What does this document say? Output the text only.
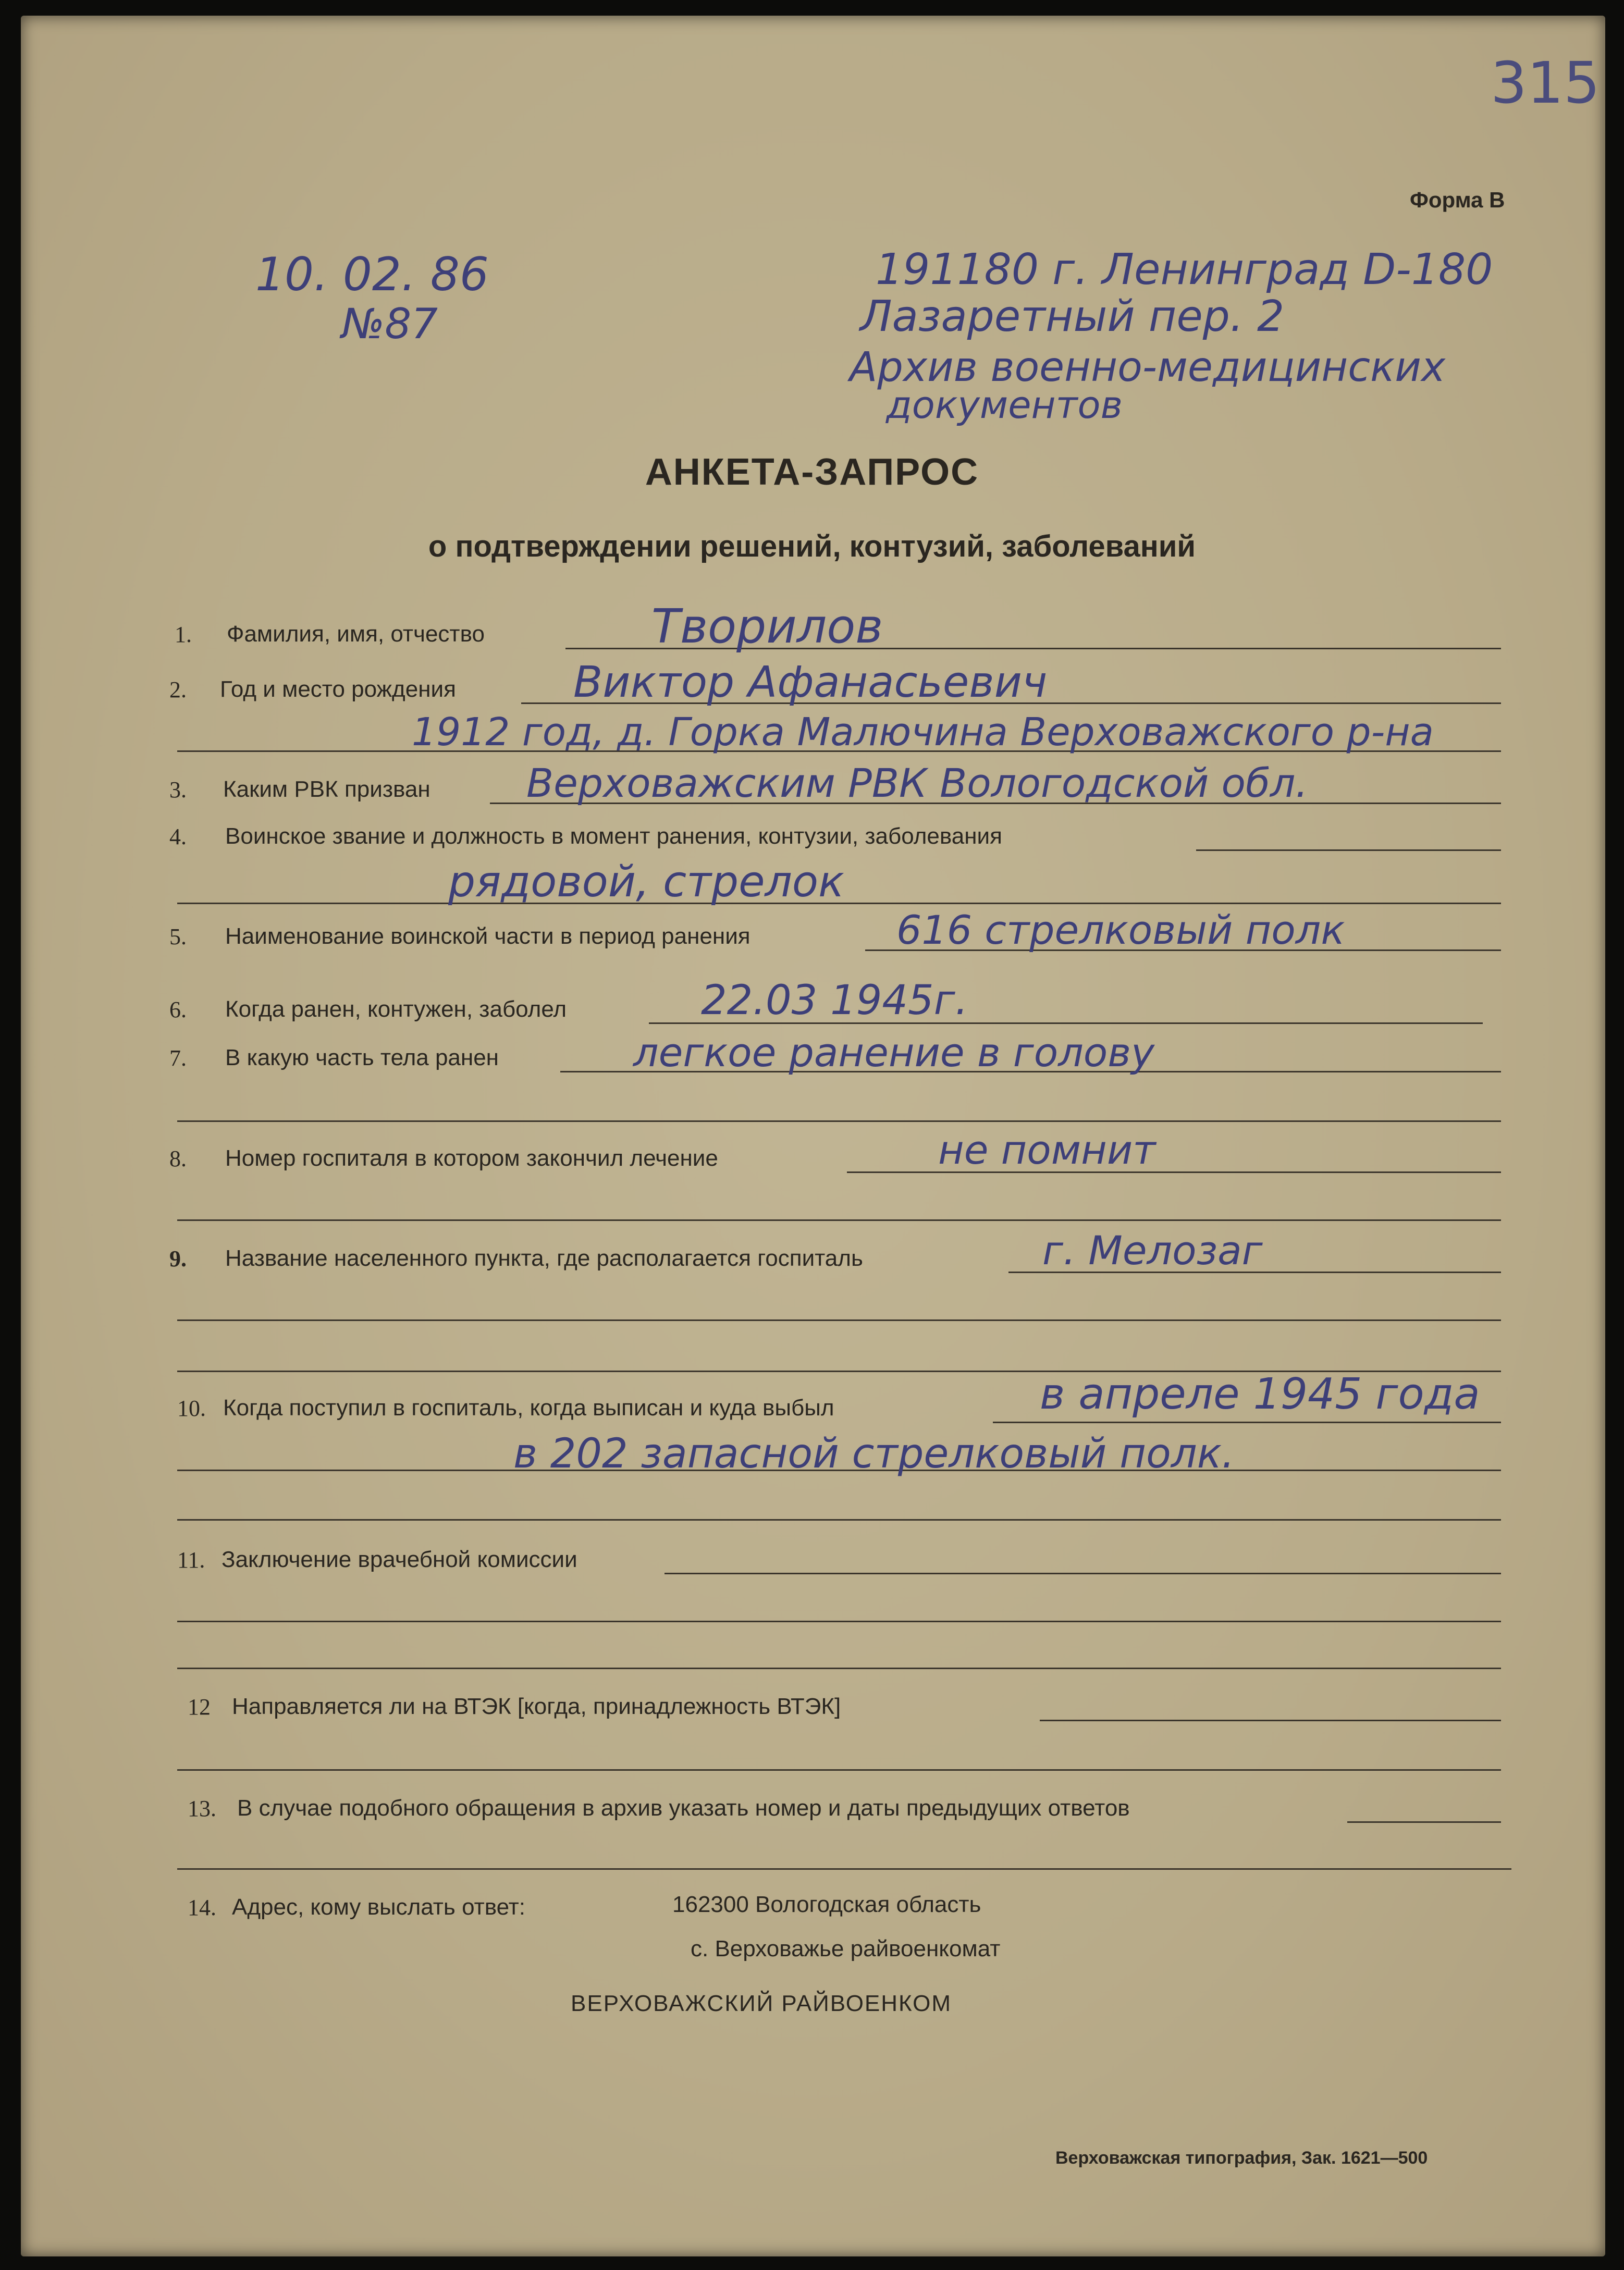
315
Форма В
10. 02. 86
№87
191180 г. Ленинград D-180
Лазаретный пер. 2
Архив военно-медицинских
документов
АНКЕТА-ЗАПРОС
о подтверждении решений, контузий, заболеваний
1. Фамилия, имя, отчество	Творилов
2. Год и место рождения	Виктор Афанасьевич
1912 год, д. Горка Малючина Верховажского р-на
3. Каким РВК призван Верховажским РВК Вологодской обл.
4. Воинское звание и должность в момент ранения, контузии, заболевания
рядовой, стрелок
5. Наименование воинской части в период ранения	616 стрелковый полк
6. Когда ранен, контужен, заболел	22.03 1945г.
7. В какую часть тела ранен	легкое ранение в голову
8. Номер госпиталя в котором закончил лечение	не помнит
9. Название населенного пункта, где располагается госпиталь	г. Мелозаг
10. Когда поступил в госпиталь, когда выписан и куда выбыл	в апреле 1945 года
в 202 запасной стрелковый полк.
11. Заключение врачебной комиссии
12 Направляется ли на ВТЭК [когда, принадлежность ВТЭК]
13. В случае подобного обращения в архив указать номер и даты предыдущих ответов
14. Адрес, кому выслать ответ:	162300 Вологодская область
с. Верховажье райвоенкомат
ВЕРХОВАЖСКИЙ РАЙВОЕНКОМ
Верховажская типография, Зак. 1621—500
